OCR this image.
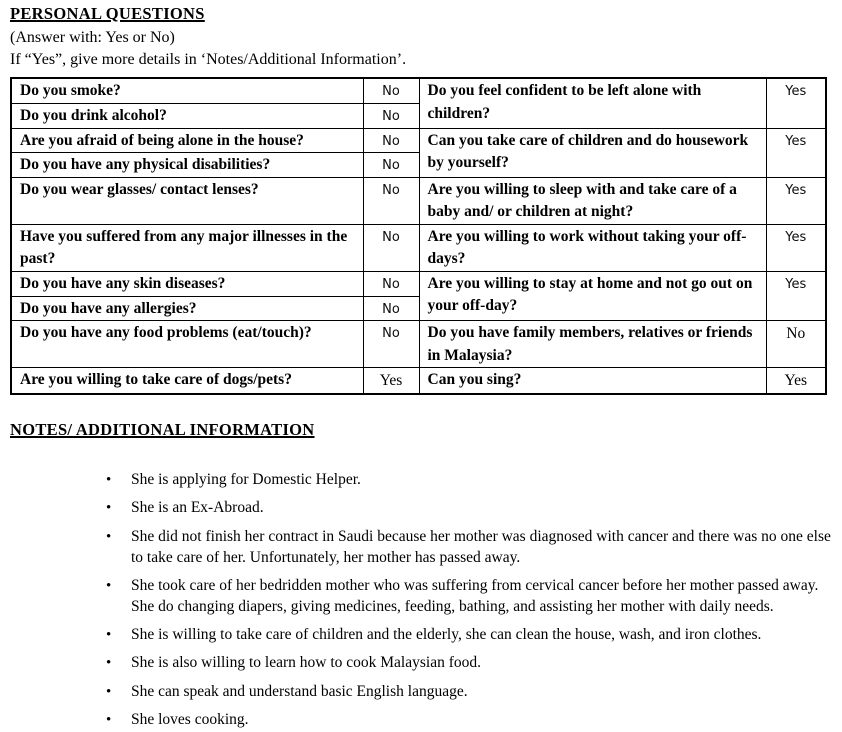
PERSONAL QUESTIONS
(Answer with: Yes or No)
If “Yes”, give more details in ‘Notes/Additional Information’.
Do you smoke?	No	Do you feel confident to be left alone with children?	Yes
Do you drink alcohol?	No		
Are you afraid of being alone in the house?	No	Can you take care of children and do housework by yourself?	Yes
Do you have any physical disabilities?	No		
Do you wear glasses/ contact lenses?	No	Are you willing to sleep with and take care of a baby and/ or children at night?	Yes
Have you suffered from any major illnesses in the past?	No	Are you willing to work without taking your off-days?	Yes
Do you have any skin diseases?	No	Are you willing to stay at home and not go out on your off-day?	Yes
Do you have any allergies?	No		
Do you have any food problems (eat/touch)?	No	Do you have family members, relatives or friends in Malaysia?	No
Are you willing to take care of dogs/pets?	Yes	Can you sing?	Yes
NOTES/ ADDITIONAL INFORMATION
•
She is applying for Domestic Helper.
•
She is an Ex-Abroad.
•
She did not finish her contract in Saudi because her mother was diagnosed with cancer and there was no one else to take care of her. Unfortunately, her mother has passed away.
•
She took care of her bedridden mother who was suffering from cervical cancer before her mother passed away. She do changing diapers, giving medicines, feeding, bathing, and assisting her mother with daily needs.
•
She is willing to take care of children and the elderly, she can clean the house, wash, and iron clothes.
•
She is also willing to learn how to cook Malaysian food.
•
She can speak and understand basic English language.
•
She loves cooking.
